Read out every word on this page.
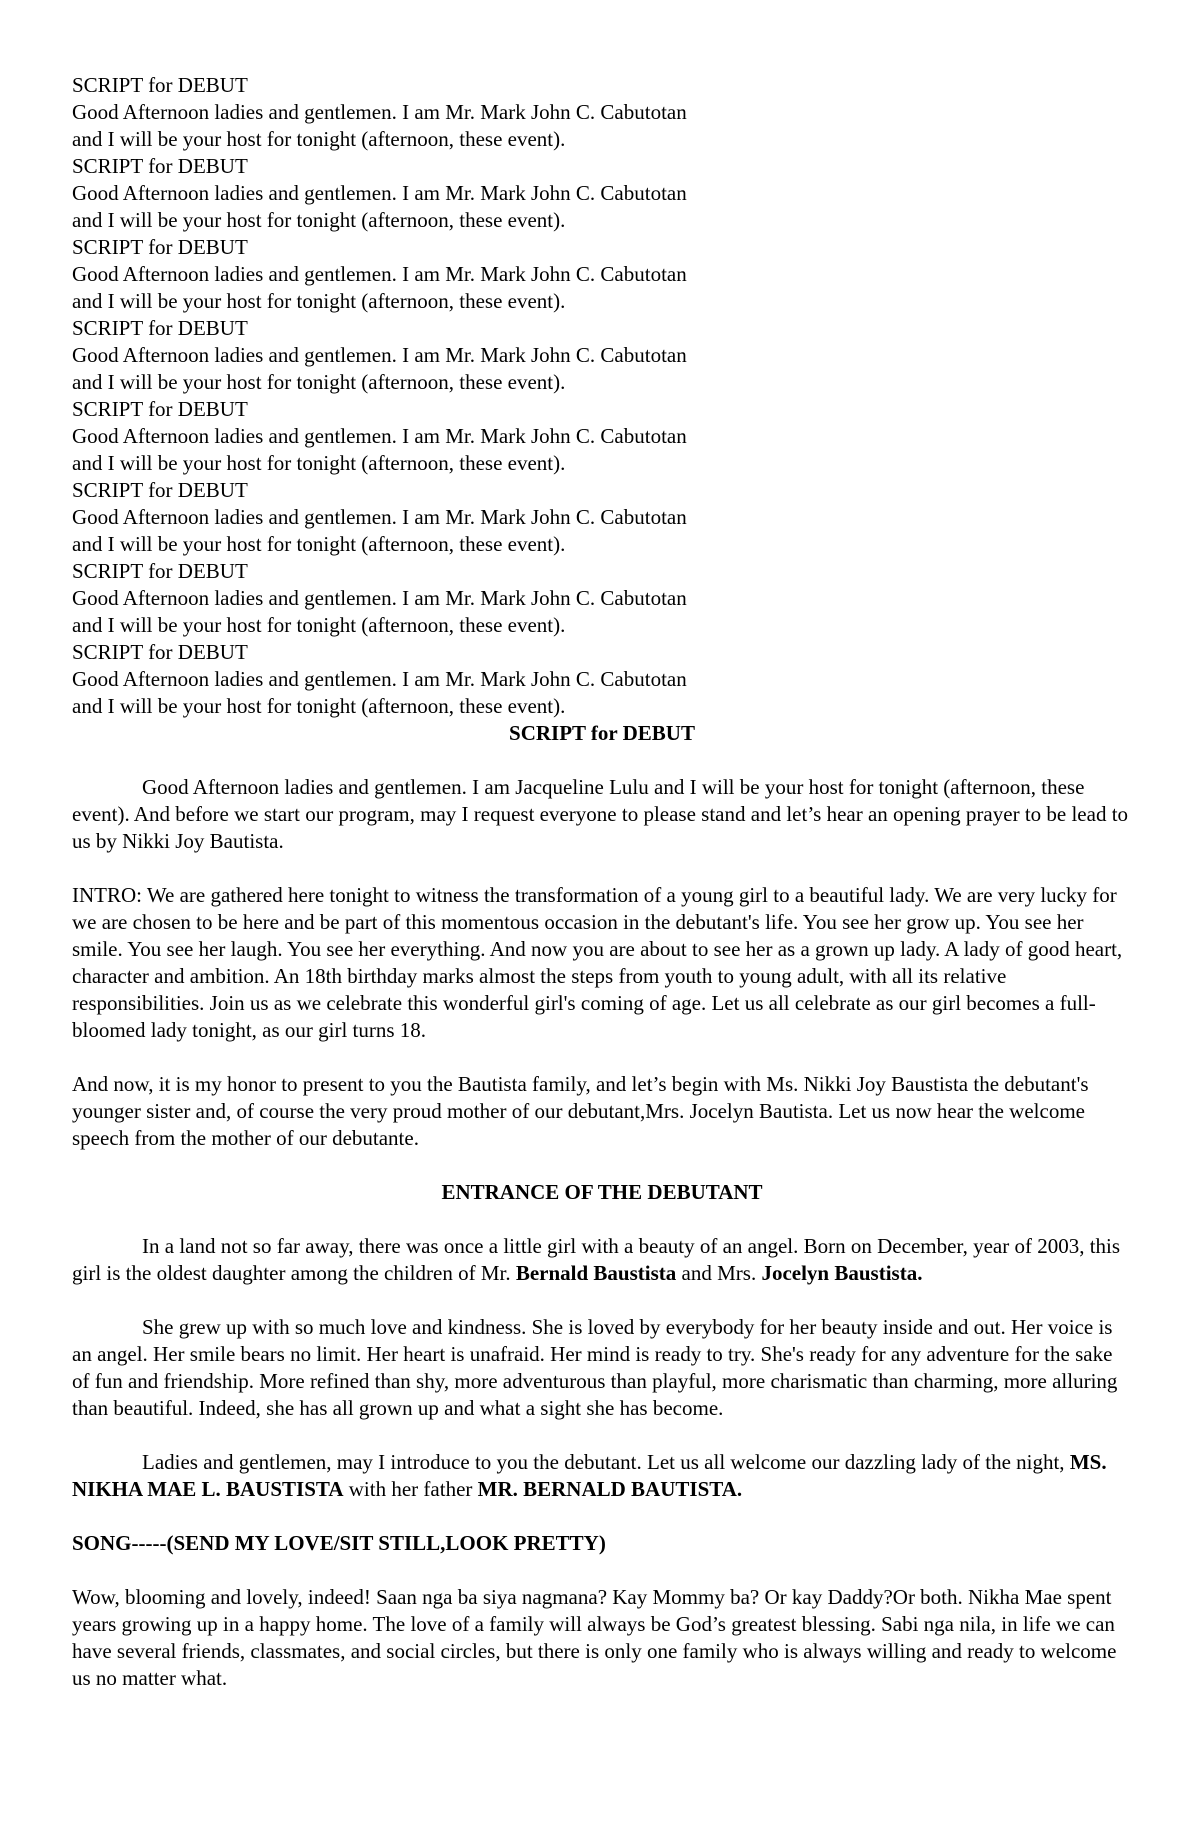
SCRIPT for DEBUT
Good Afternoon ladies and gentlemen. I am Mr. Mark John C. Cabutotan
and I will be your host for tonight (afternoon, these event).
SCRIPT for DEBUT
Good Afternoon ladies and gentlemen. I am Mr. Mark John C. Cabutotan
and I will be your host for tonight (afternoon, these event).
SCRIPT for DEBUT
Good Afternoon ladies and gentlemen. I am Mr. Mark John C. Cabutotan
and I will be your host for tonight (afternoon, these event).
SCRIPT for DEBUT
Good Afternoon ladies and gentlemen. I am Mr. Mark John C. Cabutotan
and I will be your host for tonight (afternoon, these event).
SCRIPT for DEBUT
Good Afternoon ladies and gentlemen. I am Mr. Mark John C. Cabutotan
and I will be your host for tonight (afternoon, these event).
SCRIPT for DEBUT
Good Afternoon ladies and gentlemen. I am Mr. Mark John C. Cabutotan
and I will be your host for tonight (afternoon, these event).
SCRIPT for DEBUT
Good Afternoon ladies and gentlemen. I am Mr. Mark John C. Cabutotan
and I will be your host for tonight (afternoon, these event).
SCRIPT for DEBUT
Good Afternoon ladies and gentlemen. I am Mr. Mark John C. Cabutotan
and I will be your host for tonight (afternoon, these event).
SCRIPT for DEBUT

Good Afternoon ladies and gentlemen. I am Jacqueline Lulu and I will be your host for tonight (afternoon, these event). And before we start our program, may I request everyone to please stand and let’s hear an opening prayer to be lead to us by Nikki Joy Bautista.

INTRO: We are gathered here tonight to witness the transformation of a young girl to a beautiful lady. We are very lucky for we are chosen to be here and be part of this momentous occasion in the debutant's life. You see her grow up. You see her smile. You see her laugh. You see her everything. And now you are about to see her as a grown up lady. A lady of good heart, character and ambition. An 18th birthday marks almost the steps from youth to young adult, with all its relative responsibilities. Join us as we celebrate this wonderful girl's coming of age. Let us all celebrate as our girl becomes a full-bloomed lady tonight, as our girl turns 18.

And now, it is my honor to present to you the Bautista family, and let’s begin with Ms. Nikki Joy Baustista the debutant's younger sister and, of course the very proud mother of our debutant,Mrs. Jocelyn Bautista. Let us now hear the welcome speech from the mother of our debutante.

ENTRANCE OF THE DEBUTANT

In a land not so far away, there was once a little girl with a beauty of an angel. Born on December, year of 2003, this girl is the oldest daughter among the children of Mr. Bernald Baustista and Mrs. Jocelyn Baustista.

She grew up with so much love and kindness. She is loved by everybody for her beauty inside and out. Her voice is an angel. Her smile bears no limit. Her heart is unafraid. Her mind is ready to try. She's ready for any adventure for the sake of fun and friendship. More refined than shy, more adventurous than playful, more charismatic than charming, more alluring than beautiful. Indeed, she has all grown up and what a sight she has become.

Ladies and gentlemen, may I introduce to you the debutant. Let us all welcome our dazzling lady of the night, MS. NIKHA MAE L. BAUSTISTA with her father MR. BERNALD BAUTISTA.

SONG-----(SEND MY LOVE/SIT STILL,LOOK PRETTY)

Wow, blooming and lovely, indeed! Saan nga ba siya nagmana? Kay Mommy ba? Or kay Daddy?Or both. Nikha Mae spent years growing up in a happy home. The love of a family will always be God’s greatest blessing. Sabi nga nila, in life we can have several friends, classmates, and social circles, but there is only one family who is always willing and ready to welcome us no matter what.
